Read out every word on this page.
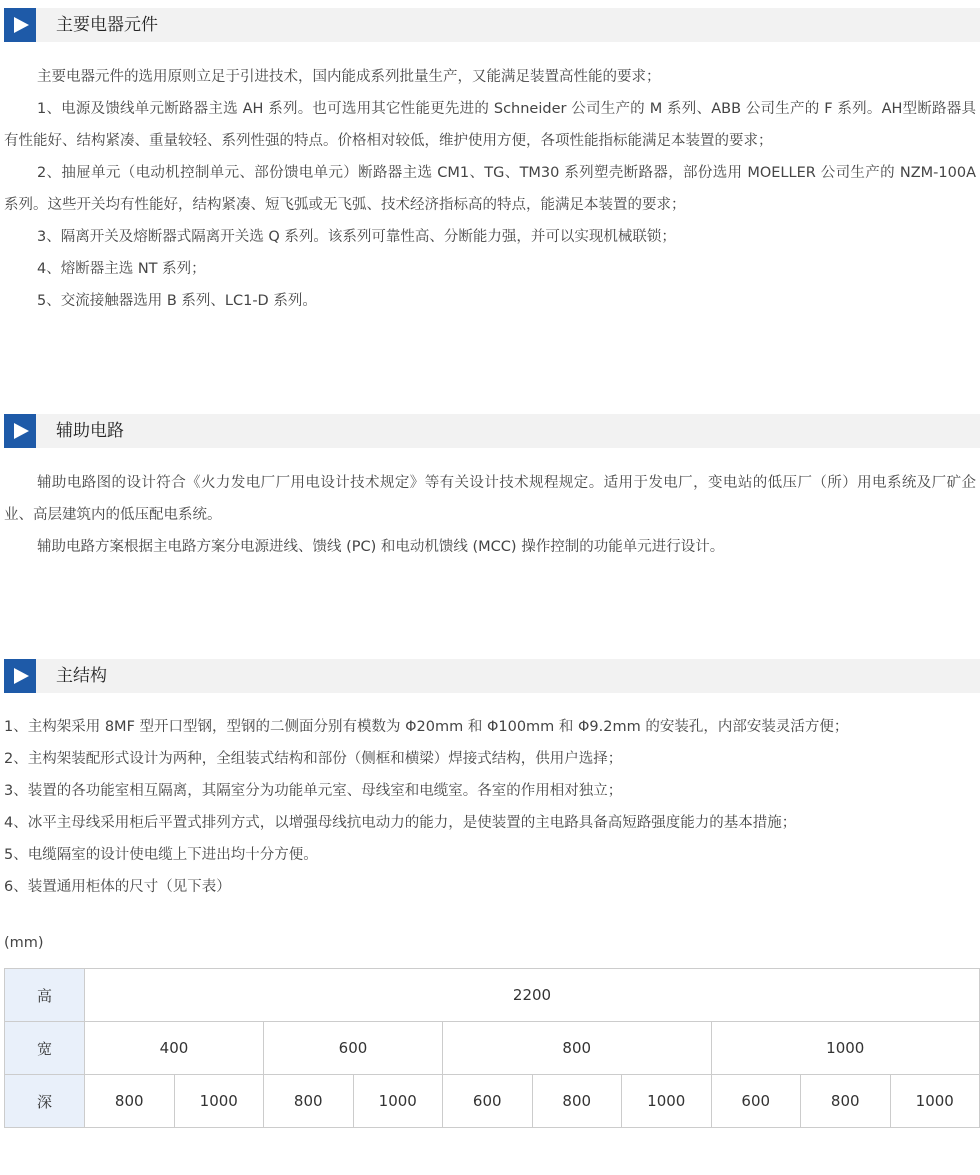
主要电器元件

主要电器元件的选用原则立足于引进技术，国内能成系列批量生产，又能满足装置高性能的要求；

1、电源及馈线单元断路器主选 AH 系列。也可选用其它性能更先进的 Schneider 公司生产的 M 系列、ABB 公司生产的 F 系列。AH型断路器具有性能好、结构紧凑、重量较轻、系列性强的特点。价格相对较低，维护使用方便，各项性能指标能满足本装置的要求；

2、抽屉单元（电动机控制单元、部份馈电单元）断路器主选 CM1、TG、TM30 系列塑壳断路器，部份选用 MOELLER 公司生产的 NZM-100A 系列。这些开关均有性能好，结构紧凑、短飞弧或无飞弧、技术经济指标高的特点，能满足本装置的要求；

3、隔离开关及熔断器式隔离开关选 Q 系列。该系列可靠性高、分断能力强，并可以实现机械联锁；

4、熔断器主选 NT 系列；

5、交流接触器选用 B 系列、LC1-D 系列。

辅助电路

辅助电路图的设计符合《火力发电厂厂用电设计技术规定》等有关设计技术规程规定。适用于发电厂，变电站的低压厂（所）用电系统及厂矿企业、高层建筑内的低压配电系统。

辅助电路方案根据主电路方案分电源进线、馈线 (PC) 和电动机馈线 (MCC) 操作控制的功能单元进行设计。

主结构

1、主构架采用 8MF 型开口型钢，型钢的二侧面分别有模数为 Φ20mm 和 Φ100mm 和 Φ9.2mm 的安装孔，内部安装灵活方便；

2、主构架装配形式设计为两种，全组装式结构和部份（侧框和横梁）焊接式结构，供用户选择；

3、装置的各功能室相互隔离，其隔室分为功能单元室、母线室和电缆室。各室的作用相对独立；

4、冰平主母线采用柜后平置式排列方式，以增强母线抗电动力的能力，是使装置的主电路具备高短路强度能力的基本措施；

5、电缆隔室的设计使电缆上下进出均十分方便。

6、装置通用柜体的尺寸（见下表）

(mm)
高	2200									
宽	400		600		800			1000		
深	800	1000	800	1000	600	800	1000	600	800	1000
